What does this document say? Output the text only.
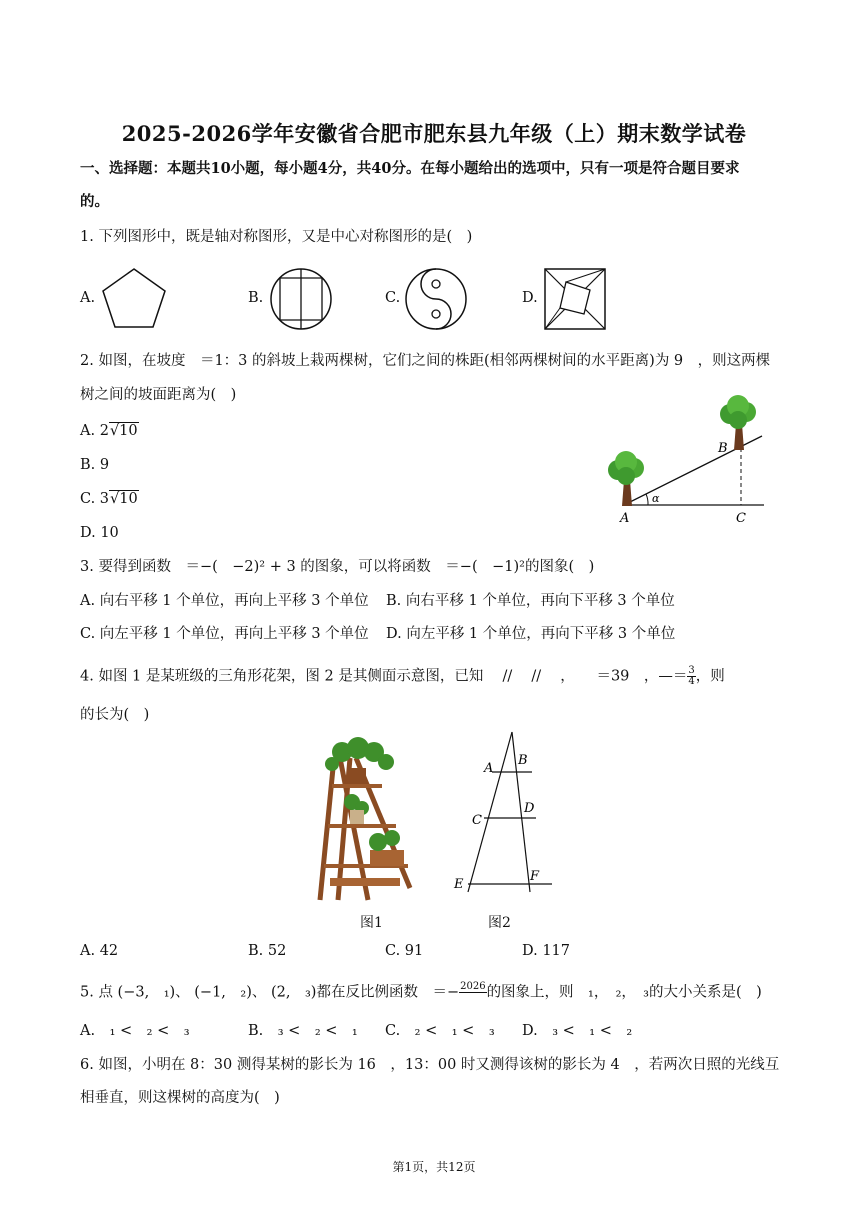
2025-2026学年安徽省合肥市肥东县九年级（上）期末数学试卷
一、选择题：本题共10小题，每小题4分，共40分。在每小题给出的选项中，只有一项是符合题目要求
的。
1. 下列图形中，既是轴对称图形，又是中心对称图形的是(　)
A.	B.	C.	D.
2. 如图，在坡度　＝1：3 的斜坡上栽两棵树，它们之间的株距(相邻两棵树间的水平距离)为 9　，则这两棵
树之间的坡面距离为(　)
A. 2√10
B. 9
C. 3√10
D. 10
A
B
C
α
3. 要得到函数　＝−(　−2)² + 3 的图象，可以将函数　＝−(　−1)²的图象(　)
A. 向右平移 1 个单位，再向上平移 3 个单位 B. 向右平移 1 个单位，再向下平移 3 个单位
C. 向左平移 1 个单位，再向上平移 3 个单位 D. 向左平移 1 个单位，再向下平移 3 个单位
4. 如图 1 是某班级的三角形花架，图 2 是其侧面示意图，已知　 //　 //　 ，　　＝39　，—＝ $\frac{3}{4}$ ，则
的长为(　)
图1
A
B
C
D
E
F
图2
A. 42	B. 52	C. 91	D. 117
5. 点 (−3,　₁)、 (−1,　₂)、 (2,　₃)都在反比例函数　＝− 2026
的图象上，则　₁，　₂，　₃的大小关系是(　)
A.　₁ <　₂ <　₃	B.　₃ <　₂ <　₁ C.　₂ <　₁ <　₃ D.　₃ <　₁ <　₂
6. 如图，小明在 8：30 测得某树的影长为 16　，13：00 时又测得该树的影长为 4　，若两次日照的光线互
相垂直，则这棵树的高度为(　)
第1页，共12页
